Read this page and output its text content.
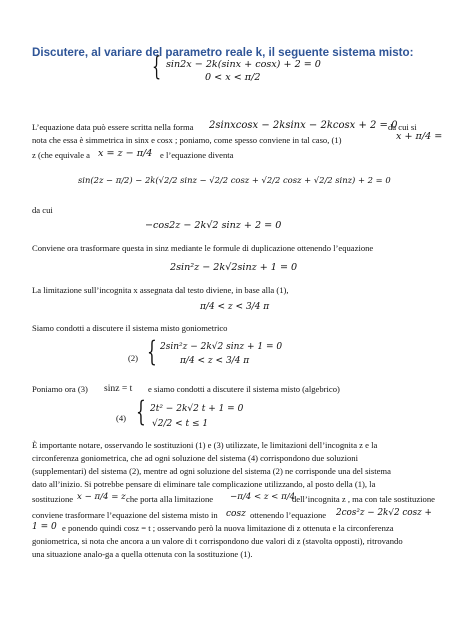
Discutere, al variare del parametro reale k, il seguente sistema misto:
{ sin2x − 2k(sinx + cosx) + 2 = 0
0 < x < π/2
L’equazione data può essere scritta nella forma 2sinxcosx − 2ksinx − 2kcosx + 2 = 0
da cui si
nota che essa è simmetrica in sinx e cosx ; poniamo, come spesso conviene in tal caso, (1)	x + π/4 =
z (che equivale a x = z − π/4 e l’equazione diventa
sin(2z − π/2) − 2k(√2/2 sinz − √2/2 cosz + √2/2 cosz + √2/2 sinz) + 2 = 0
da cui
−cos2z − 2k√2 sinz + 2 = 0
Conviene ora trasformare questa in sinz mediante le formule di duplicazione ottenendo l’equazione
2sin²z − 2k√2sinz + 1 = 0
La limitazione sull’incognita x assegnata dal testo diviene, in base alla (1),
π/4 < z < 3/4 π
Siamo condotti a discutere il sistema misto goniometrico
(2) { 2sin²z − 2k√2 sinz + 1 = 0
π/4 < z < 3/4 π
Poniamo ora (3) sinz = t e siamo condotti a discutere il sistema misto (algebrico)
(4) { 2t² − 2k√2 t + 1 = 0
√2/2 < t ≤ 1
È importante notare, osservando le sostituzioni (1) e (3) utilizzate, le limitazioni dell’incognita z e la
circonferenza goniometrica, che ad ogni soluzione del sistema (4) corrispondono due soluzioni
(supplementari) del sistema (2), mentre ad ogni soluzione del sistema (2) ne corrisponde una del sistema
dato all’inizio. Si potrebbe pensare di eliminare tale complicazione utilizzando, al posto della (1), la
sostituzione x − π/4 = z che porta alla limitazione −π/4 < z < π/4
dell’incognita z , ma con tale sostituzione
conviene trasformare l’equazione del sistema misto in cosz ottenendo l’equazione 2cos²z − 2k√2 cosz +
1 = 0 e ponendo quindi cosz = t ; osservando però la nuova limitazione di z ottenuta e la circonferenza
goniometrica, si nota che ancora a un valore di t corrispondono due valori di z (stavolta opposti), ritrovando
una situazione analo-ga a quella ottenuta con la sostituzione (1).
